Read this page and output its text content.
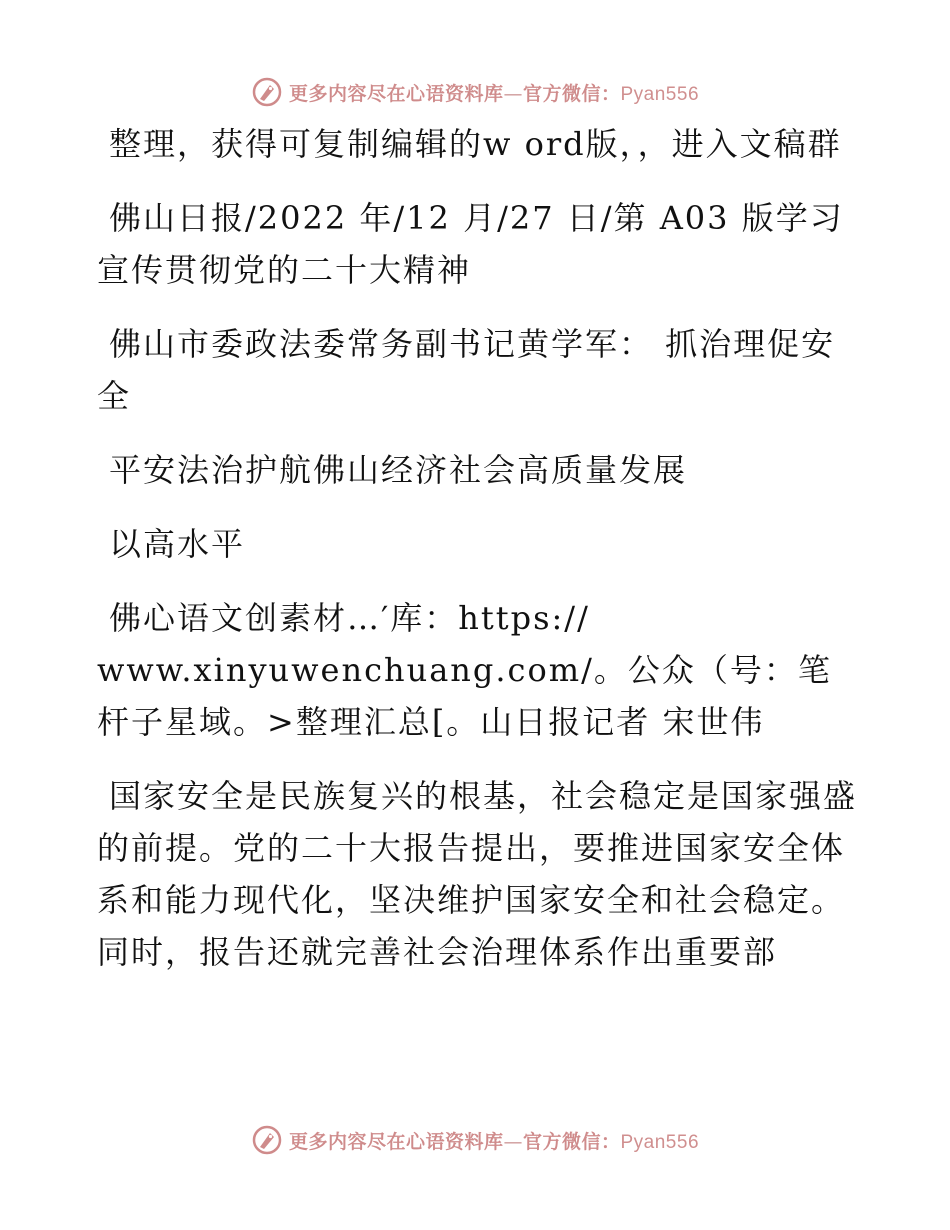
更多内容尽在心语资料库—官方微信：Pyan556

整理，获得可复制编辑的w ord版，，进入文稿群

佛山日报/2022 年/12 月/27 日/第 A03 版学习宣传贯彻党的二十大精神

佛山市委政法委常务副书记黄学军： 抓治理促安全

平安法治护航佛山经济社会高质量发展

以高水平

佛心语文创素材…′库：https://

www.xinyuwenchuang.com/。公众（号：笔杆子星域。>整理汇总[。山日报记者 宋世伟

国家安全是民族复兴的根基，社会稳定是国家强盛的前提。党的二十大报告提出，要推进国家安全体系和能力现代化，坚决维护国家安全和社会稳定。同时，报告还就完善社会治理体系作出重要部

更多内容尽在心语资料库—官方微信：Pyan556
